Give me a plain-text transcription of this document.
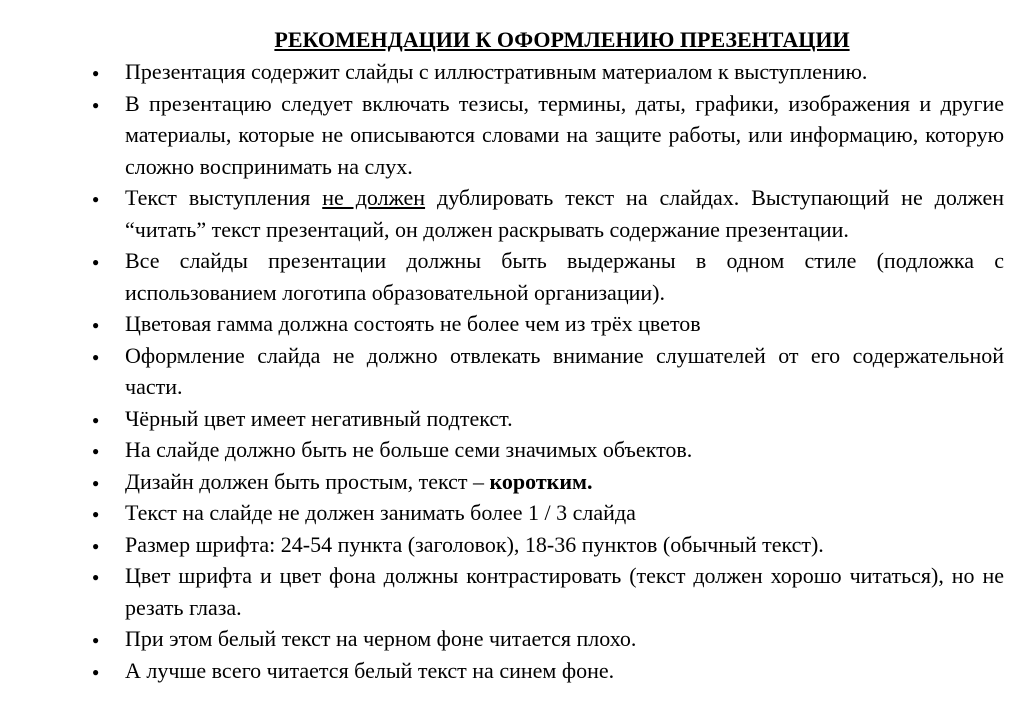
РЕКОМЕНДАЦИИ К ОФОРМЛЕНИЮ ПРЕЗЕНТАЦИИ
●	Презентация содержит слайды с иллюстративным материалом к выступлению.
●	В презентацию следует включать тезисы, термины, даты, графики, изображения и другие материалы, которые не описываются словами на защите работы, или информацию, которую сложно воспринимать на слух.
●	Текст выступления не должен дублировать текст на слайдах. Выступающий не должен “читать” текст презентаций, он должен раскрывать содержание презентации.
●	Все слайды презентации должны быть выдержаны в одном стиле (подложка с использованием логотипа образовательной организации).
●	Цветовая гамма должна состоять не более чем из трёх цветов
●	Оформление слайда не должно отвлекать внимание слушателей от его содержательной части.
●	Чёрный цвет имеет негативный подтекст.
●	На слайде должно быть не больше семи значимых объектов.
●	Дизайн должен быть простым, текст – коротким.
●	Текст на слайде не должен занимать более 1 / 3 слайда
●	Размер шрифта: 24-54 пункта (заголовок), 18-36 пунктов (обычный текст).
●	Цвет шрифта и цвет фона должны контрастировать (текст должен хорошо читаться), но не резать глаза.
●	При этом белый текст на черном фоне читается плохо.
●	А лучше всего читается белый текст на синем фоне.
